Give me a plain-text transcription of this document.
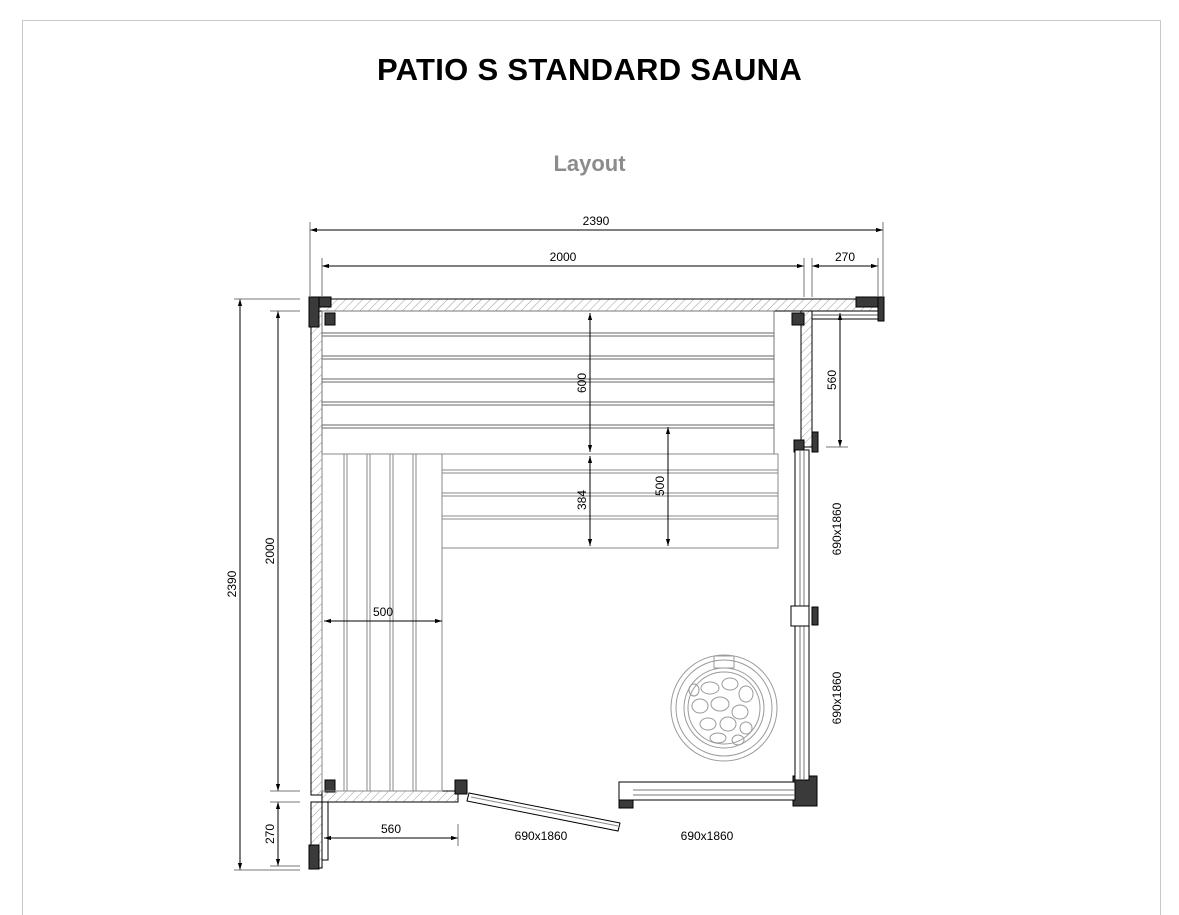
PATIO S STANDARD SAUNA
Layout
2390
2000	270
2390
2000
270
600
384
500
500
560
560
690x1860	690x1860
690x1860
690x1860
